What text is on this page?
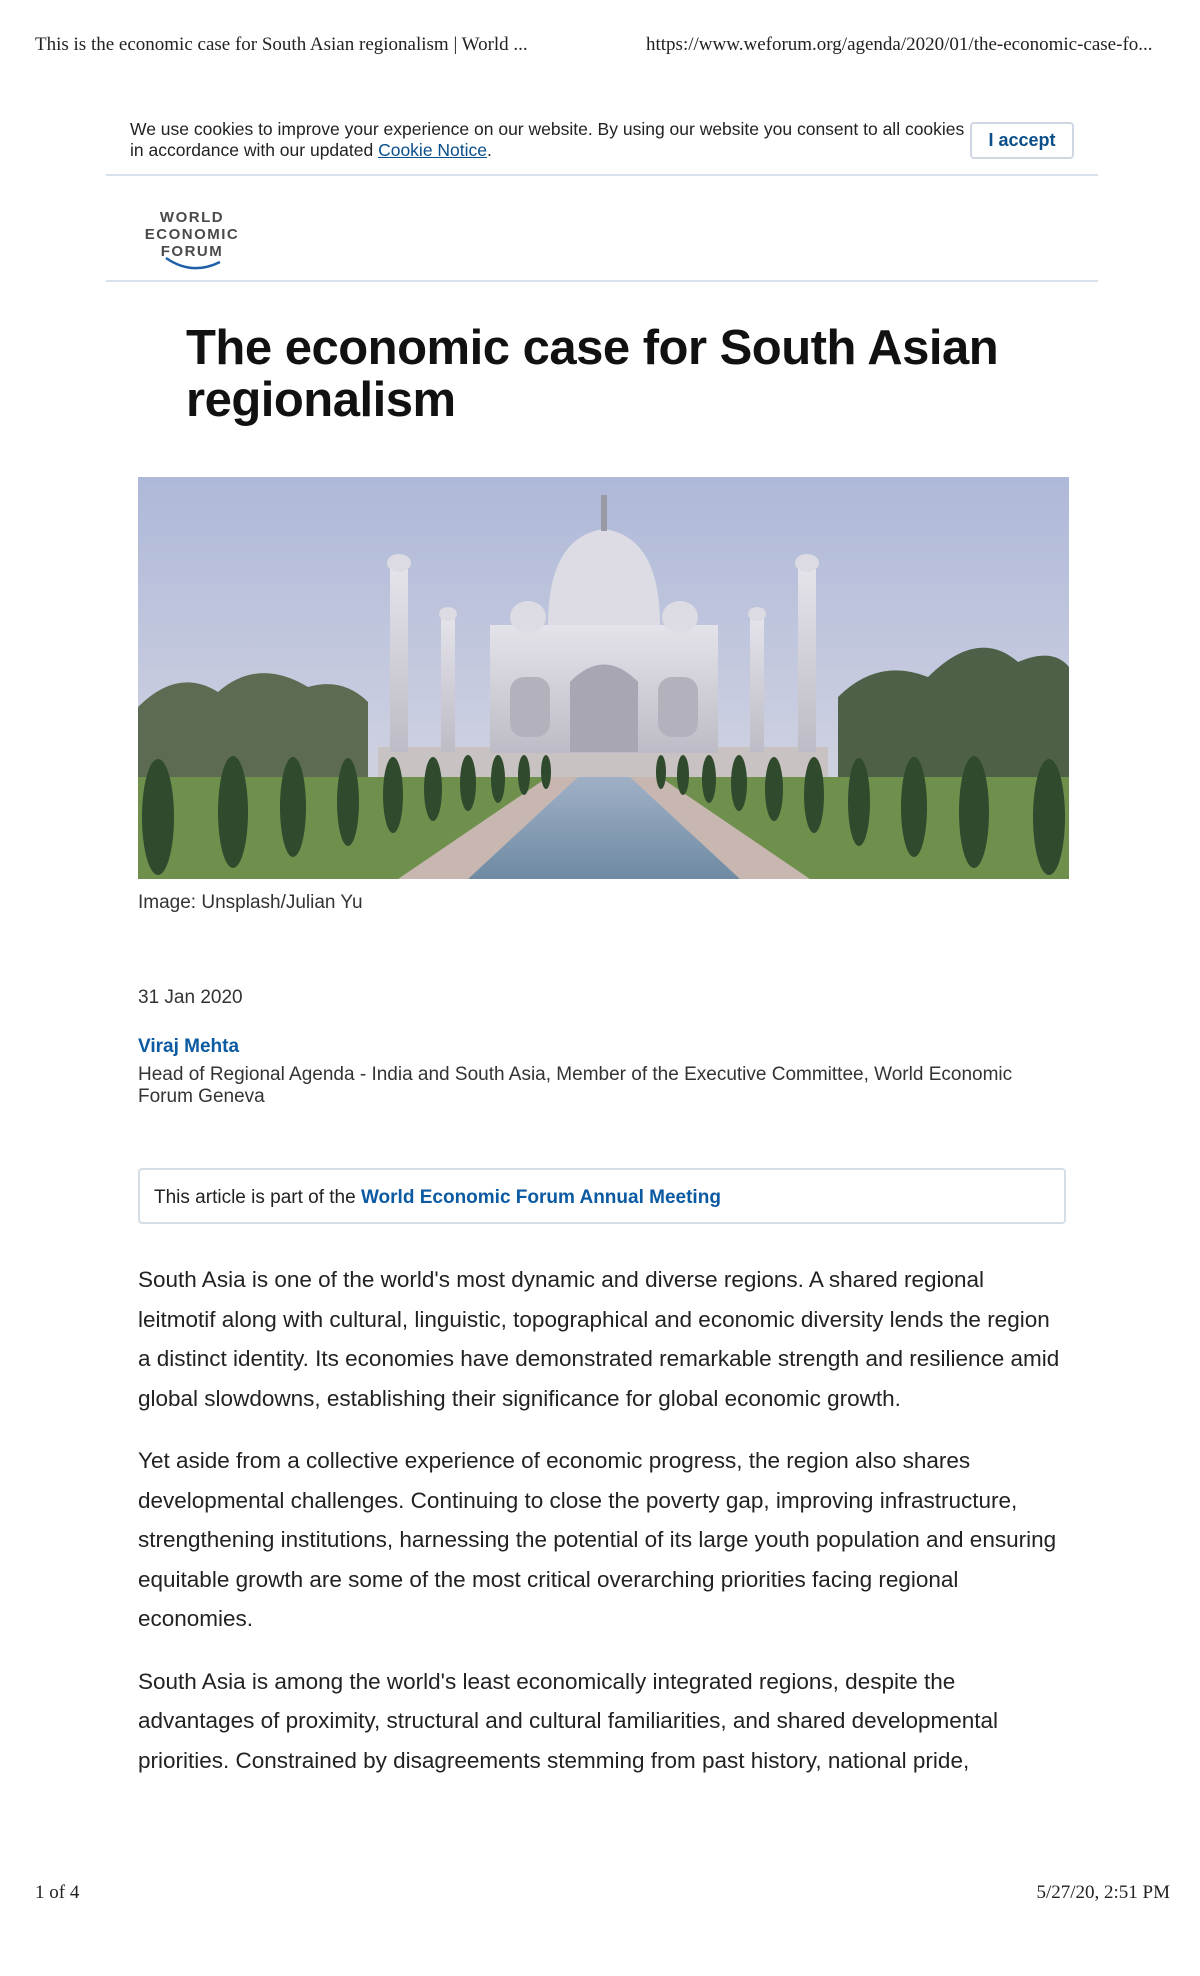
This is the economic case for South Asian regionalism | World ...	https://www.weforum.org/agenda/2020/01/the-economic-case-fo...
We use cookies to improve your experience on our website. By using our website you consent to all cookies in accordance with our updated Cookie Notice.	I accept
WORLD
ECONOMIC
FORUM
The economic case for South Asian regionalism
Image: Unsplash/Julian Yu
31 Jan 2020
Viraj Mehta
Head of Regional Agenda - India and South Asia, Member of the Executive Committee, World Economic Forum Geneva
This article is part of the World Economic Forum Annual Meeting

South Asia is one of the world's most dynamic and diverse regions. A shared regional leitmotif along with cultural, linguistic, topographical and economic diversity lends the region a distinct identity. Its economies have demonstrated remarkable strength and resilience amid global slowdowns, establishing their significance for global economic growth.

Yet aside from a collective experience of economic progress, the region also shares developmental challenges. Continuing to close the poverty gap, improving infrastructure, strengthening institutions, harnessing the potential of its large youth population and ensuring equitable growth are some of the most critical overarching priorities facing regional economies.

South Asia is among the world's least economically integrated regions, despite the advantages of proximity, structural and cultural familiarities, and shared developmental priorities. Constrained by disagreements stemming from past history, national pride,

1 of 4	5/27/20, 2:51 PM
